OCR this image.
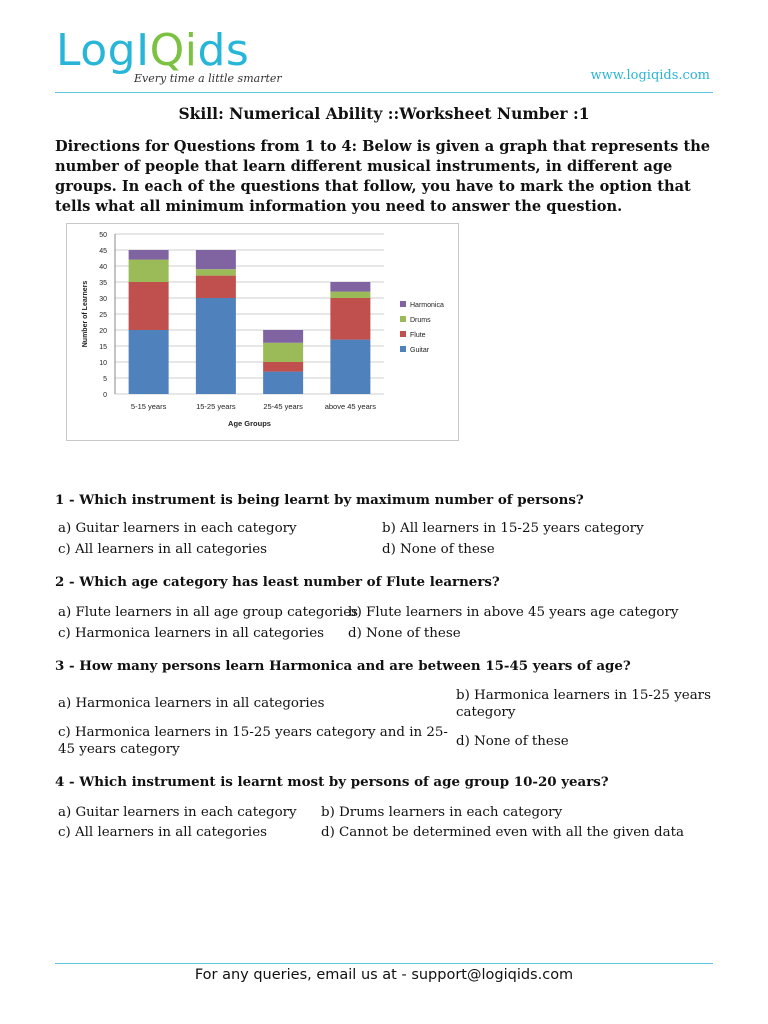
LogIQids
Every time a little smarter	www.logiqids.com
Skill: Numerical Ability ::Worksheet Number :1
Directions for Questions from 1 to 4: Below is given a graph that represents the number of people that learn different musical instruments, in different age groups. In each of the questions that follow, you have to mark the option that tells what all minimum information you need to answer the question.
0
5
10
15
20
25
30
35
40
45
50
5-15 years	15-25 years	25-45 years	above 45 years
Age Groups
Number of Learners	Harmonica
Drums
Flute
Guitar
1 - Which instrument is being learnt by maximum number of persons?
a) Guitar learners in each category	b) All learners in 15-25 years category
c) All learners in all categories	d) None of these
2 - Which age category has least number of Flute learners?
a) Flute learners in all age group categories
b) Flute learners in above 45 years age category
c) Harmonica learners in all categories d) None of these
3 - How many persons learn Harmonica and are between 15-45 years of age?
a) Harmonica learners in all categories
b) Harmonica learners in 15-25 years category
c) Harmonica learners in 15-25 years category and in 25-45 years category
d) None of these
4 - Which instrument is learnt most by persons of age group 10-20 years?
a) Guitar learners in each category b) Drums learners in each category
c) All learners in all categories	d) Cannot be determined even with all the given data
For any queries, email us at - support@logiqids.com
